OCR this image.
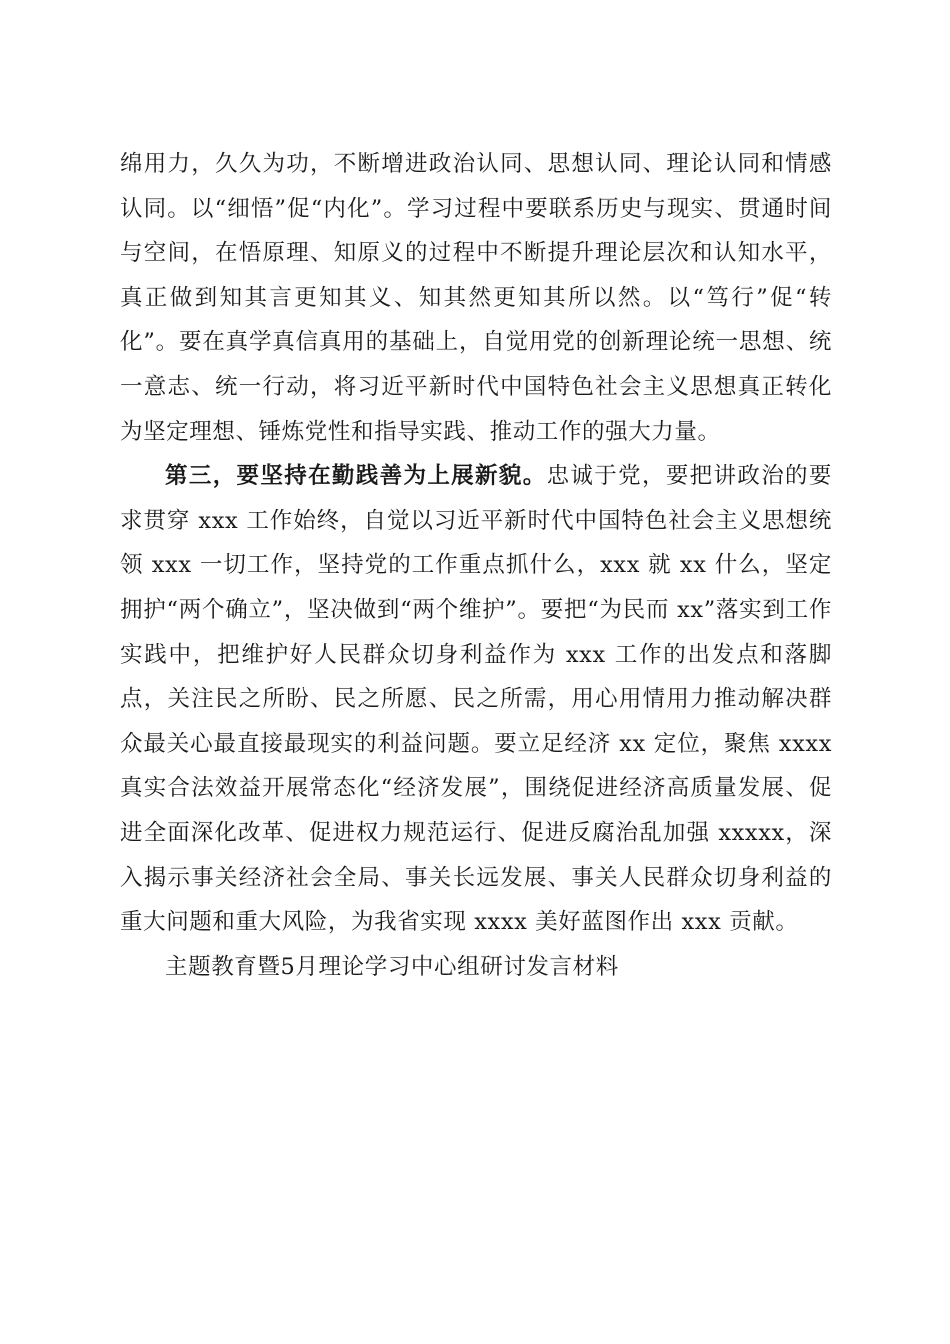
绵用力，久久为功，不断增进政治认同、思想认同、理论认同和情感认同。以“细悟”促“内化”。学习过程中要联系历史与现实、贯通时间与空间，在悟原理、知原义的过程中不断提升理论层次和认知水平，真正做到知其言更知其义、知其然更知其所以然。以“笃行”促“转化”。要在真学真信真用的基础上，自觉用党的创新理论统一思想、统一意志、统一行动，将习近平新时代中国特色社会主义思想真正转化为坚定理想、锤炼党性和指导实践、推动工作的强大力量。

第三，要坚持在勤践善为上展新貌。忠诚于党，要把讲政治的要求贯穿 xxx 工作始终，自觉以习近平新时代中国特色社会主义思想统领 xxx 一切工作，坚持党的工作重点抓什么，xxx 就 xx 什么，坚定拥护“两个确立”，坚决做到“两个维护”。要把“为民而 xx”落实到工作实践中，把维护好人民群众切身利益作为 xxx 工作的出发点和落脚点，关注民之所盼、民之所愿、民之所需，用心用情用力推动解决群众最关心最直接最现实的利益问题。要立足经济 xx 定位，聚焦 xxxx 真实合法效益开展常态化“经济发展”，围绕促进经济高质量发展、促进全面深化改革、促进权力规范运行、促进反腐治乱加强 xxxxx，深入揭示事关经济社会全局、事关长远发展、事关人民群众切身利益的重大问题和重大风险，为我省实现 xxxx 美好蓝图作出 xxx 贡献。

主题教育暨5月理论学习中心组研讨发言材料
